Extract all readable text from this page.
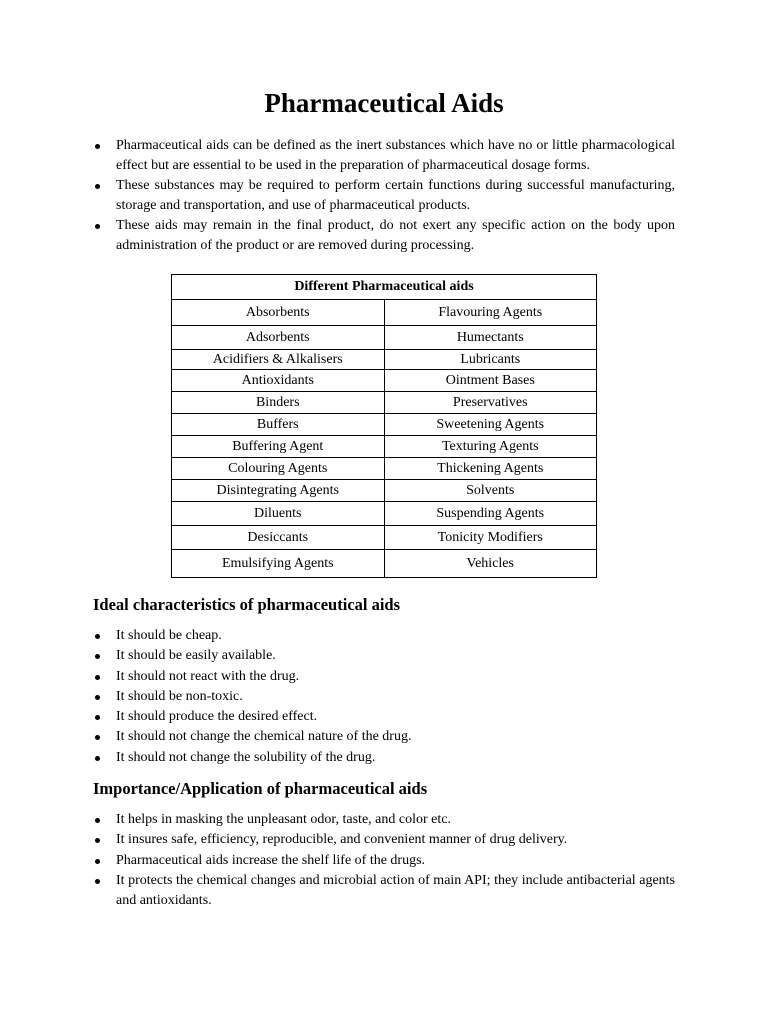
Pharmaceutical Aids
Pharmaceutical aids can be defined as the inert substances which have no or little pharmacological effect but are essential to be used in the preparation of pharmaceutical dosage forms.
These substances may be required to perform certain functions during successful manufacturing, storage and transportation, and use of pharmaceutical products.
These aids may remain in the final product, do not exert any specific action on the body upon administration of the product or are removed during processing.
Different Pharmaceutical aids	
Absorbents	Flavouring Agents
Adsorbents	Humectants
Acidifiers & Alkalisers	Lubricants
Antioxidants	Ointment Bases
Binders	Preservatives
Buffers	Sweetening Agents
Buffering Agent	Texturing Agents
Colouring Agents	Thickening Agents
Disintegrating Agents	Solvents
Diluents	Suspending Agents
Desiccants	Tonicity Modifiers
Emulsifying Agents	Vehicles
Ideal characteristics of pharmaceutical aids
It should be cheap.
It should be easily available.
It should not react with the drug.
It should be non-toxic.
It should produce the desired effect.
It should not change the chemical nature of the drug.
It should not change the solubility of the drug.
Importance/Application of pharmaceutical aids
It helps in masking the unpleasant odor, taste, and color etc.
It insures safe, efficiency, reproducible, and convenient manner of drug delivery.
Pharmaceutical aids increase the shelf life of the drugs.
It protects the chemical changes and microbial action of main API; they include antibacterial agents and antioxidants.
